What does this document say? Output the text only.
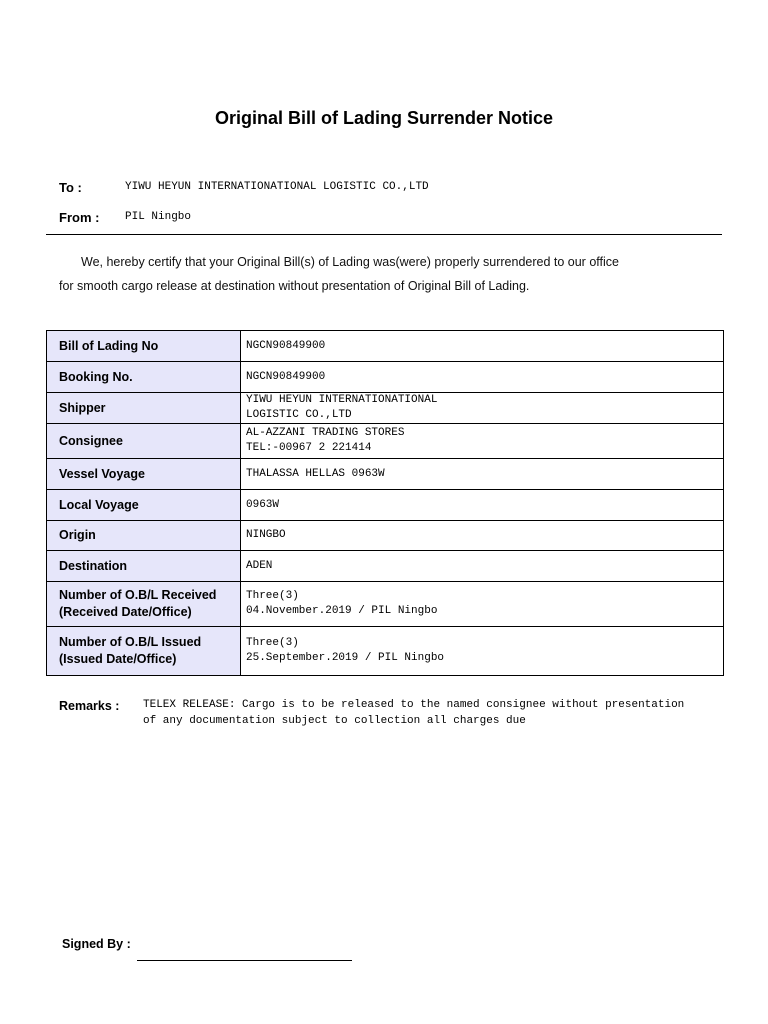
Original Bill of Lading Surrender Notice
To :	YIWU HEYUN INTERNATIONATIONAL LOGISTIC CO.,LTD
From : PIL Ningbo
We, hereby certify that your Original Bill(s) of Lading was(were) properly surrendered to our office
for smooth cargo release at destination without presentation of Original Bill of Lading.
Bill of Lading No	NGCN90849900

Booking No.	NGCN90849900

Shipper	YIWU HEYUN INTERNATIONATIONAL
LOGISTIC CO.,LTD

Consignee	AL-AZZANI TRADING STORES
TEL:-00967 2 221414

Vessel Voyage	THALASSA HELLAS 0963W

Local Voyage	0963W

Origin	NINGBO

Destination	ADEN

Number of O.B/L Received
(Received Date/Office)	Three(3)
04.November.2019 / PIL Ningbo

Number of O.B/L Issued
(Issued Date/Office)	Three(3)
25.September.2019 / PIL Ningbo
Remarks : TELEX RELEASE: Cargo is to be released to the named consignee without presentation
of any documentation subject to collection all charges due
Signed By :
